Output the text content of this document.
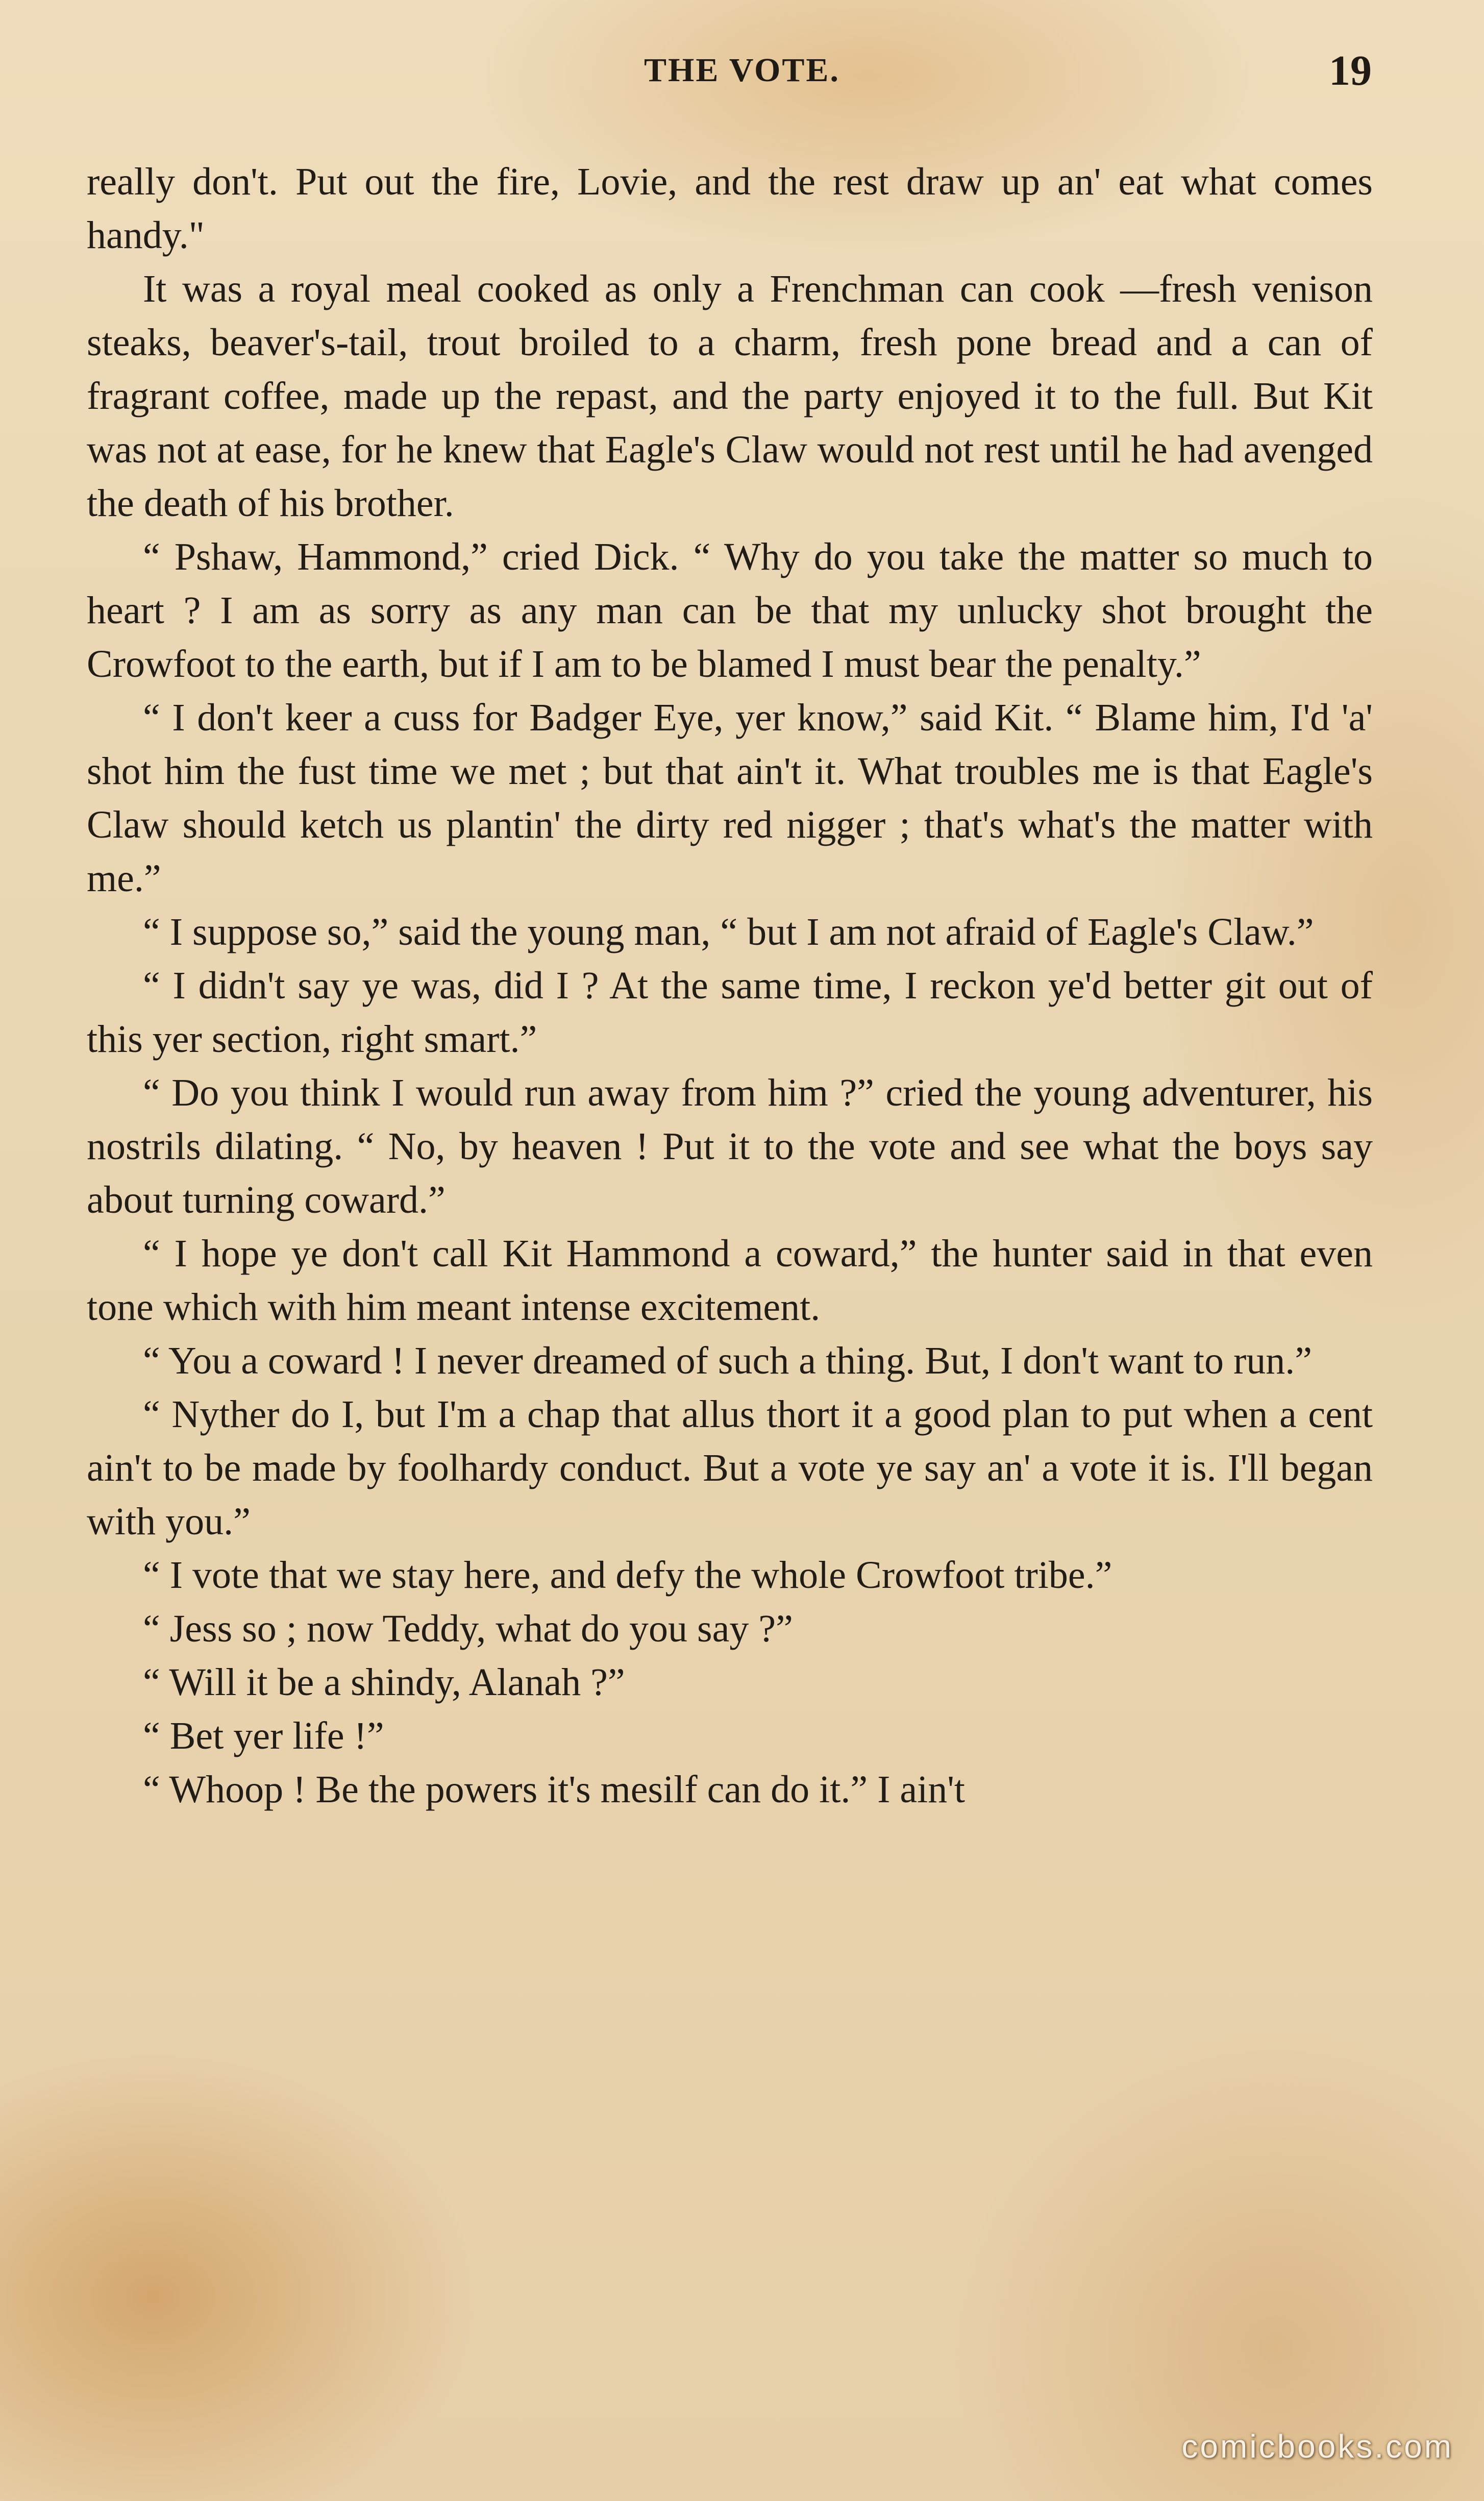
THE VOTE.	19

really don't. Put out the fire, Lovie, and the rest draw up an' eat what comes handy."

It was a royal meal cooked as only a Frenchman can cook —fresh venison steaks, beaver's-tail, trout broiled to a charm, fresh pone bread and a can of fragrant coffee, made up the repast, and the party enjoyed it to the full. But Kit was not at ease, for he knew that Eagle's Claw would not rest until he had avenged the death of his brother.

“ Pshaw, Hammond,” cried Dick. “ Why do you take the matter so much to heart ? I am as sorry as any man can be that my unlucky shot brought the Crowfoot to the earth, but if I am to be blamed I must bear the penalty.”

“ I don't keer a cuss for Badger Eye, yer know,” said Kit. “ Blame him, I'd 'a' shot him the fust time we met ; but that ain't it. What troubles me is that Eagle's Claw should ketch us plantin' the dirty red nigger ; that's what's the matter with me.”

“ I suppose so,” said the young man, “ but I am not afraid of Eagle's Claw.”

“ I didn't say ye was, did I ? At the same time, I reckon ye'd better git out of this yer section, right smart.”

“ Do you think I would run away from him ?” cried the young adventurer, his nostrils dilating. “ No, by heaven ! Put it to the vote and see what the boys say about turning coward.”

“ I hope ye don't call Kit Hammond a coward,” the hunter said in that even tone which with him meant intense excitement.

“ You a coward ! I never dreamed of such a thing. But, I don't want to run.”

“ Nyther do I, but I'm a chap that allus thort it a good plan to put when a cent ain't to be made by foolhardy conduct. But a vote ye say an' a vote it is. I'll began with you.”

“ I vote that we stay here, and defy the whole Crowfoot tribe.”

“ Jess so ; now Teddy, what do you say ?”

“ Will it be a shindy, Alanah ?”

“ Bet yer life !”

“ Whoop ! Be the powers it's mesilf can do it.” I ain't

comicbooks.com
